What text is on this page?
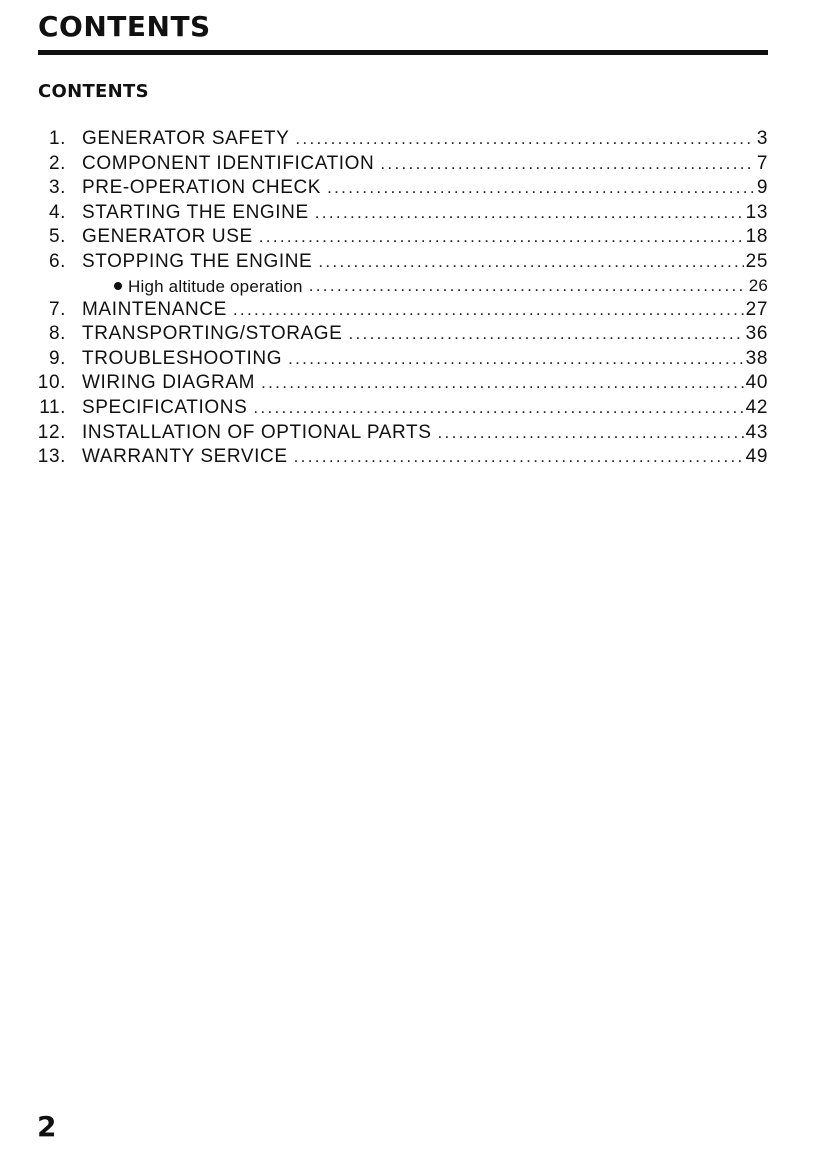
CONTENTS
CONTENTS
1. GENERATOR SAFETY . . .	3
2. COMPONENT IDENTIFICATION . . .	7
3. PRE-OPERATION CHECK . . .	9
4. STARTING THE ENGINE . . .	13
5. GENERATOR USE . . .	18
6. STOPPING THE ENGINE . . .	25
High altitude operation . . .	26
7. MAINTENANCE . . .	27
8. TRANSPORTING/STORAGE . . .	36
9. TROUBLESHOOTING . . .	38
10. WIRING DIAGRAM . . .	40
11. SPECIFICATIONS . . .	42
12. INSTALLATION OF OPTIONAL PARTS . . .	43
13. WARRANTY SERVICE . . .	49
2
